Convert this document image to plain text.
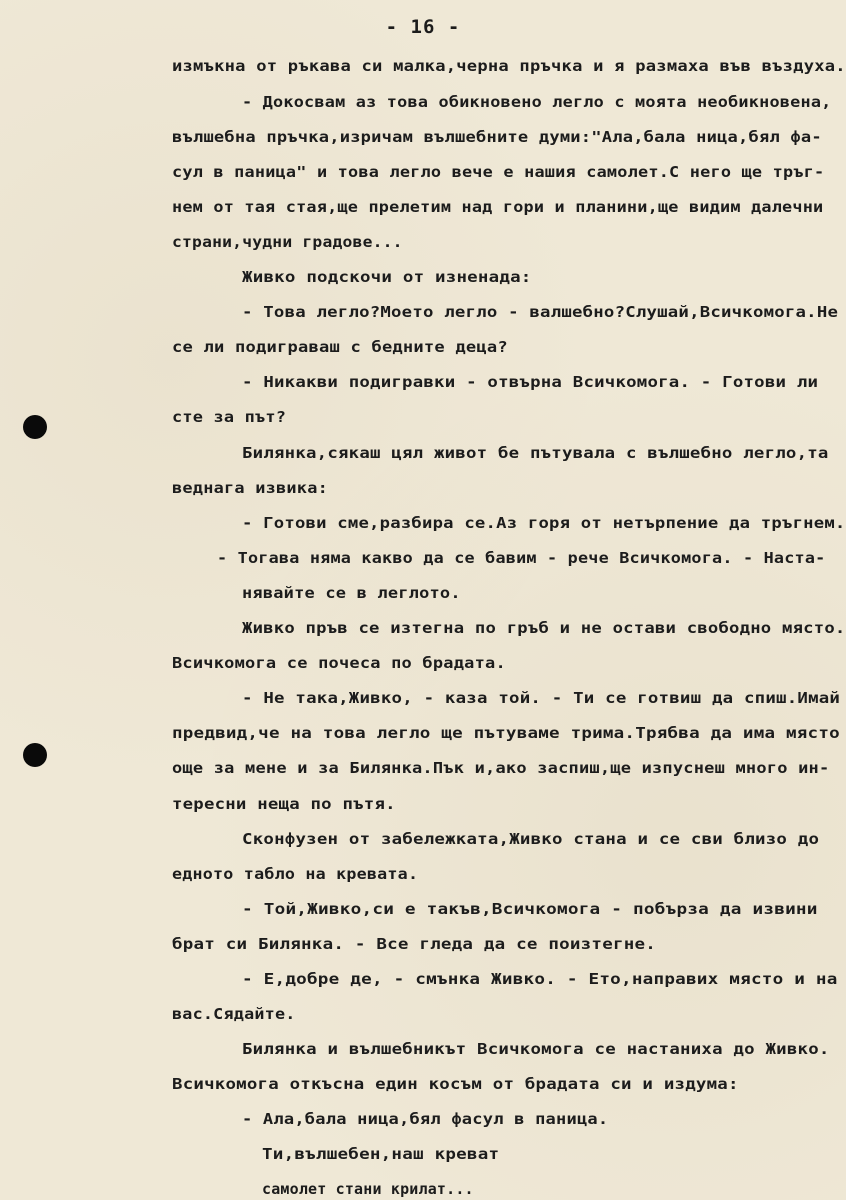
- 16 -
измъкна от ръкава си малка,черна пръчка и я размаха във въздуха.
- Докосвам аз това обикновено легло с моята необикновена,
вълшебна пръчка,изричам вълшебните думи:"Ала,бала ница,бял фа-
сул в паница" и това легло вече е нашия самолет.С него ще тръг-
нем от тая стая,ще прелетим над гори и планини,ще видим далечни
страни,чудни градове...
Живко подскочи от изненада:
- Това легло?Моето легло - валшебно?Слушай,Всичкомога.Не
се ли подиграваш с бедните деца?
- Никакви подигравки - отвърна Всичкомога. - Готови ли
сте за път?
Билянка,сякаш цял живот бе пътувала с вълшебно легло,та
веднага извика:
- Готови сме,разбира се.Аз горя от нетърпение да тръгнем.
- Тогава няма какво да се бавим - рече Всичкомога. - Наста-
нявайте се в леглото.
Живко пръв се изтегна по гръб и не остави свободно място.
Всичкомога се почеса по брадата.
- Не така,Живко, - каза той. - Ти се готвиш да спиш.Имай
предвид,че на това легло ще пътуваме трима.Трябва да има място
още за мене и за Билянка.Пък и,ако заспиш,ще изпуснеш много ин-
тересни неща по пътя.
Сконфузен от забележката,Живко стана и се сви близо до
едното табло на кревата.
- Той,Живко,си е такъв,Всичкомога - побърза да извини
брат си Билянка. - Все гледа да се поизтегне.
- Е,добре де, - смънка Живко. - Ето,направих място и на
вас.Сядайте.
Билянка и вълшебникът Всичкомога се настаниха до Живко.
Всичкомога откъсна един косъм от брадата си и издума:
- Ала,бала ница,бял фасул в паница.
Ти,вълшебен,наш креват
самолет стани крилат...
